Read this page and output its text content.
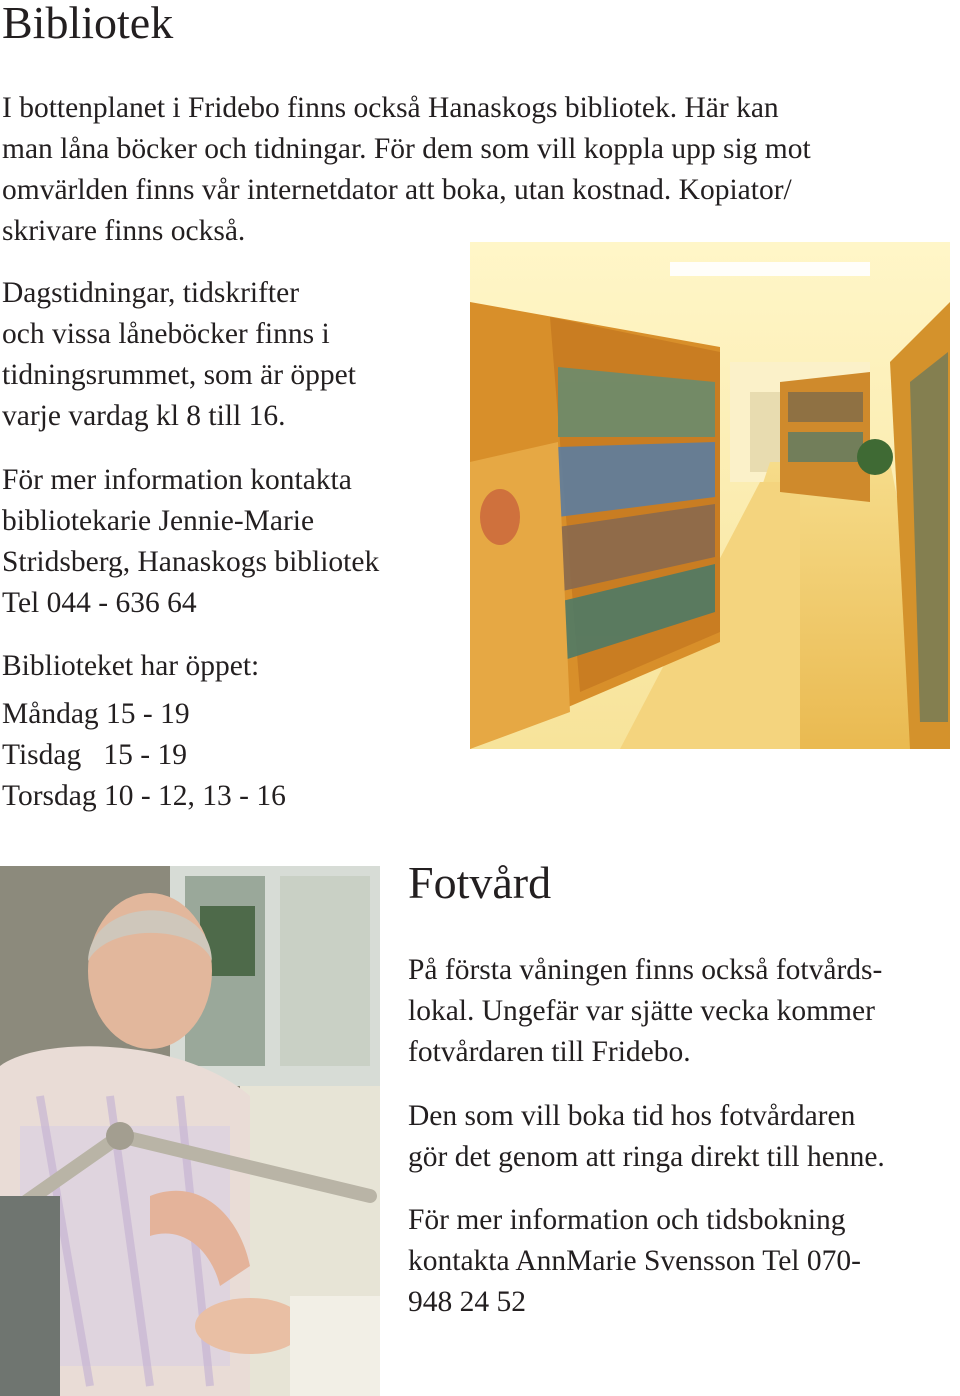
Bibliotek

I bottenplanet i Fridebo finns också Hanaskogs bibliotek. Här kan
man låna böcker och tidningar. För dem som vill koppla upp sig mot
omvärlden finns vår internetdator att boka, utan kostnad. Kopiator/
skrivare finns också.

Dagstidningar, tidskrifter
och vissa låneböcker finns i
tidningsrummet, som är öppet
varje vardag kl 8 till 16.

För mer information kontakta
bibliotekarie Jennie-Marie
Stridsberg, Hanaskogs bibliotek
Tel 044 - 636 64

Biblioteket har öppet:

Måndag 15 - 19
Tisdag   15 - 19
Torsdag 10 - 12, 13 - 16

Fotvård

På första våningen finns också fotvårds-
lokal. Ungefär var sjätte vecka kommer
fotvårdaren till Fridebo.

Den som vill boka tid hos fotvårdaren
gör det genom att ringa direkt till henne.

För mer information och tidsbokning
kontakta AnnMarie Svensson Tel 070-
948 24 52
